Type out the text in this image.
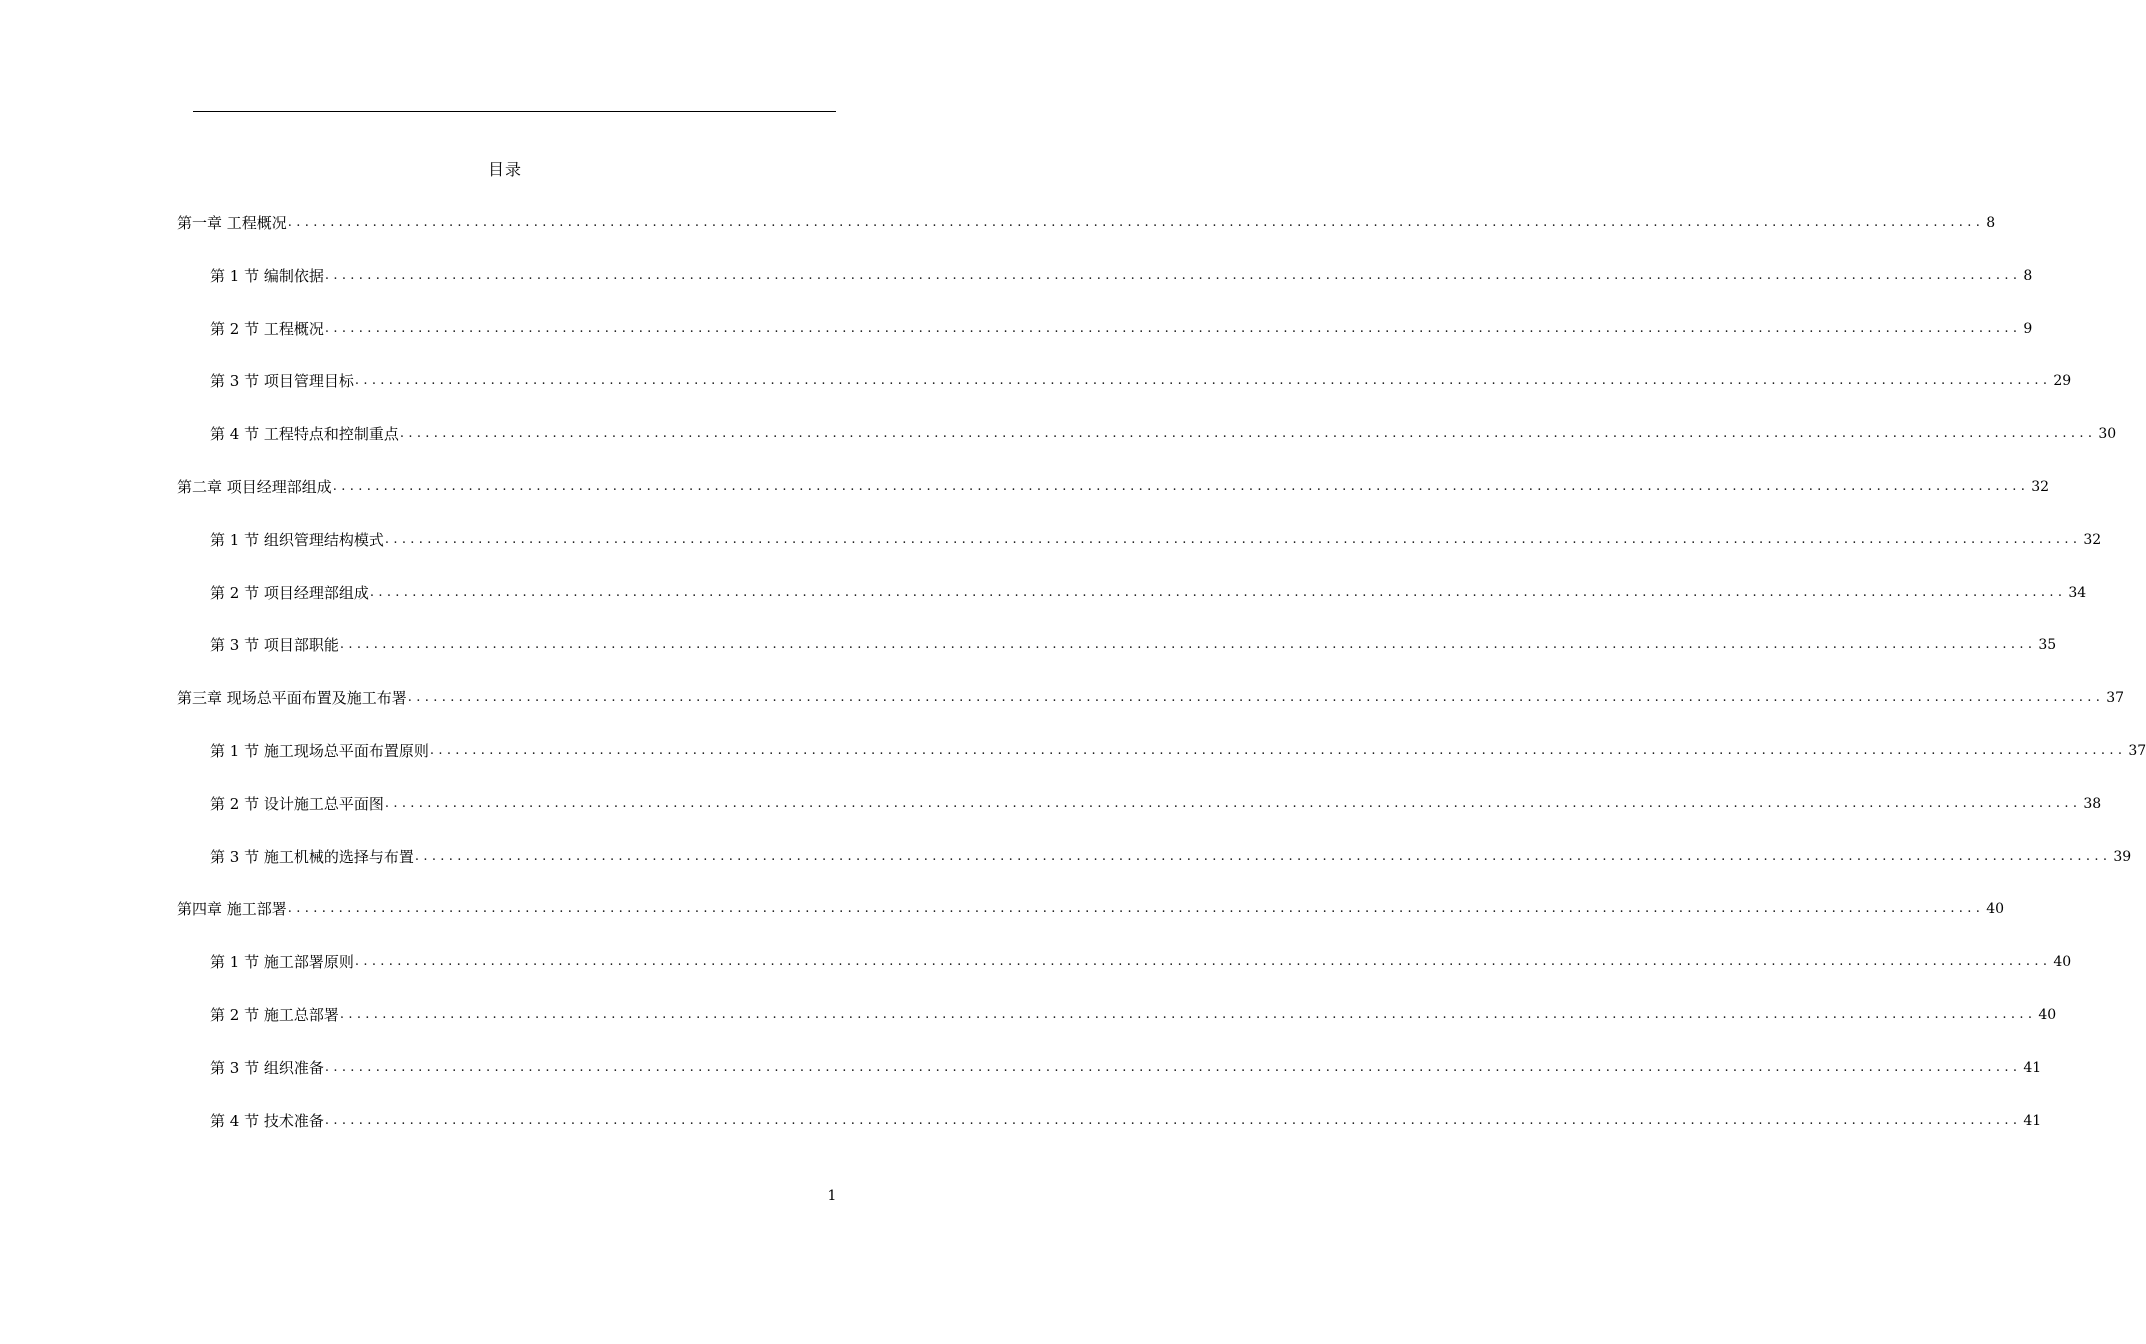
目录
第一章 工程概况 ........................................................................................................................................................................................................ 8
第 1 节 编制依据 ........................................................................................................................................................................................................ 8
第 2 节 工程概况 ........................................................................................................................................................................................................ 9
第 3 节 项目管理目标 ........................................................................................................................................................................................................ 29
第 4 节 工程特点和控制重点 ........................................................................................................................................................................................................ 30
第二章 项目经理部组成 ........................................................................................................................................................................................................ 32
第 1 节 组织管理结构模式 ........................................................................................................................................................................................................ 32
第 2 节 项目经理部组成 ........................................................................................................................................................................................................ 34
第 3 节 项目部职能 ........................................................................................................................................................................................................ 35
第三章 现场总平面布置及施工布署 ........................................................................................................................................................................................................ 37
第 1 节 施工现场总平面布置原则 ........................................................................................................................................................................................................ 37
第 2 节 设计施工总平面图 ........................................................................................................................................................................................................ 38
第 3 节 施工机械的选择与布置 ........................................................................................................................................................................................................ 39
第四章 施工部署 ........................................................................................................................................................................................................ 40
第 1 节 施工部署原则 ........................................................................................................................................................................................................ 40
第 2 节 施工总部署 ........................................................................................................................................................................................................ 40
第 3 节 组织准备 ........................................................................................................................................................................................................ 41
第 4 节 技术准备 ........................................................................................................................................................................................................ 41
1
